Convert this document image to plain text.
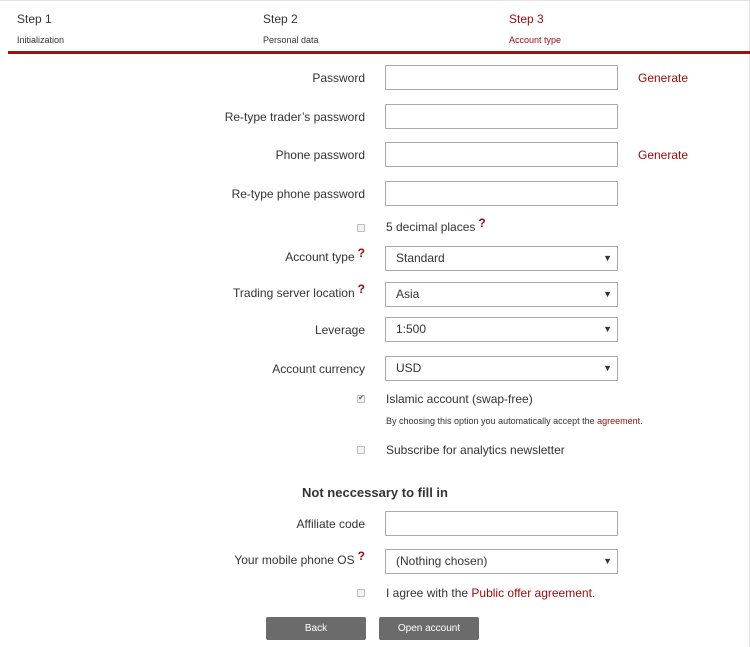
Step 1
Initialization
Step 2
Personal data
Step 3
Account type
Password	Generate
Re-type trader’s password
Phone password	Generate
Re-type phone password
5 decimal places ?
Account type ?	Standard	▼
Trading server location ?	Asia	▼
Leverage	1:500	▼
Account currency	USD	▼
✔
Islamic account (swap-free)
By choosing this option you automatically accept the agreement.
Subscribe for analytics newsletter
Not neccessary to fill in
Affiliate code
Your mobile phone OS ?	(Nothing chosen)	▼
I agree with the Public offer agreement.
Back	Open account
